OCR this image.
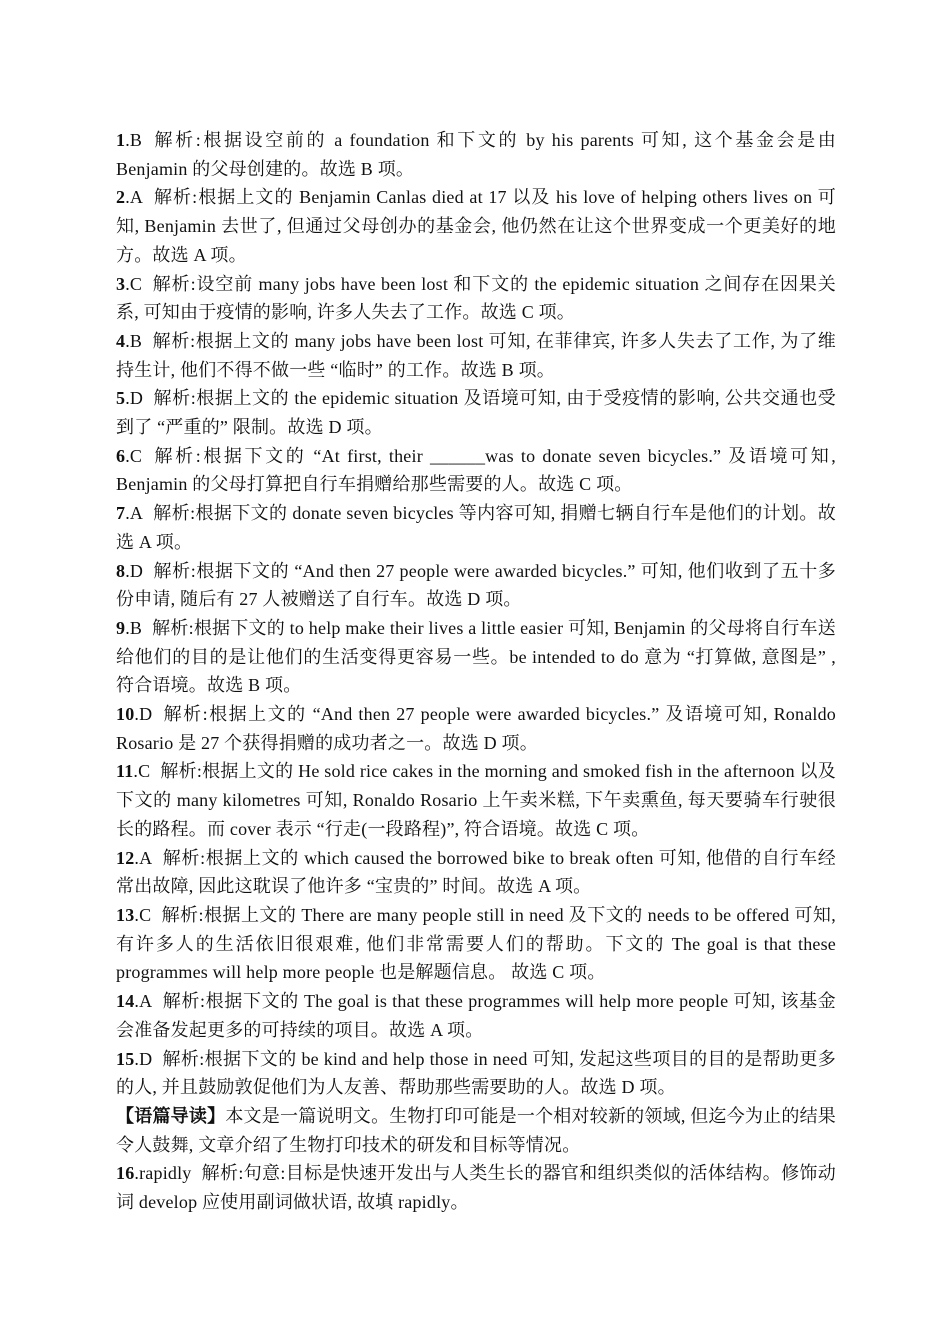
1.B 解析:根据设空前的 a foundation 和下文的 by his parents 可知, 这个基金会是由 Benjamin 的父母创建的。故选 B 项。

2.A 解析:根据上文的 Benjamin Canlas died at 17 以及 his love of helping others lives on 可知, Benjamin 去世了, 但通过父母创办的基金会, 他仍然在让这个世界变成一个更美好的地方。故选 A 项。

3.C 解析:设空前 many jobs have been lost 和下文的 the epidemic situation 之间存在因果关系, 可知由于疫情的影响, 许多人失去了工作。故选 C 项。

4.B 解析:根据上文的 many jobs have been lost 可知, 在菲律宾, 许多人失去了工作, 为了维持生计, 他们不得不做一些 “临时” 的工作。故选 B 项。

5.D 解析:根据上文的 the epidemic situation 及语境可知, 由于受疫情的影响, 公共交通也受到了 “严重的” 限制。故选 D 项。

6.C 解析:根据下文的 “At first, their ______was to donate seven bicycles.” 及语境可知, Benjamin 的父母打算把自行车捐赠给那些需要的人。故选 C 项。

7.A 解析:根据下文的 donate seven bicycles 等内容可知, 捐赠七辆自行车是他们的计划。故选 A 项。

8.D 解析:根据下文的 “And then 27 people were awarded bicycles.” 可知, 他们收到了五十多份申请, 随后有 27 人被赠送了自行车。故选 D 项。

9.B 解析:根据下文的 to help make their lives a little easier 可知, Benjamin 的父母将自行车送给他们的目的是让他们的生活变得更容易一些。be intended to do 意为 “打算做, 意图是” , 符合语境。故选 B 项。

10.D 解析:根据上文的 “And then 27 people were awarded bicycles.” 及语境可知, Ronaldo Rosario 是 27 个获得捐赠的成功者之一。故选 D 项。

11.C 解析:根据上文的 He sold rice cakes in the morning and smoked fish in the afternoon 以及下文的 many kilometres 可知, Ronaldo Rosario 上午卖米糕, 下午卖熏鱼, 每天要骑车行驶很长的路程。而 cover 表示 “行走(一段路程)”, 符合语境。故选 C 项。

12.A 解析:根据上文的 which caused the borrowed bike to break often 可知, 他借的自行车经常出故障, 因此这耽误了他许多 “宝贵的” 时间。故选 A 项。

13.C 解析:根据上文的 There are many people still in need 及下文的 needs to be offered 可知, 有许多人的生活依旧很艰难, 他们非常需要人们的帮助。下文的 The goal is that these programmes will help more people 也是解题信息。 故选 C 项。

14.A 解析:根据下文的 The goal is that these programmes will help more people 可知, 该基金会准备发起更多的可持续的项目。故选 A 项。

15.D 解析:根据下文的 be kind and help those in need 可知, 发起这些项目的目的是帮助更多的人, 并且鼓励敦促他们为人友善、帮助那些需要助的人。故选 D 项。

【语篇导读】本文是一篇说明文。生物打印可能是一个相对较新的领域, 但迄今为止的结果令人鼓舞, 文章介绍了生物打印技术的研发和目标等情况。

16.rapidly 解析:句意:目标是快速开发出与人类生长的器官和组织类似的活体结构。修饰动词 develop 应使用副词做状语, 故填 rapidly。
